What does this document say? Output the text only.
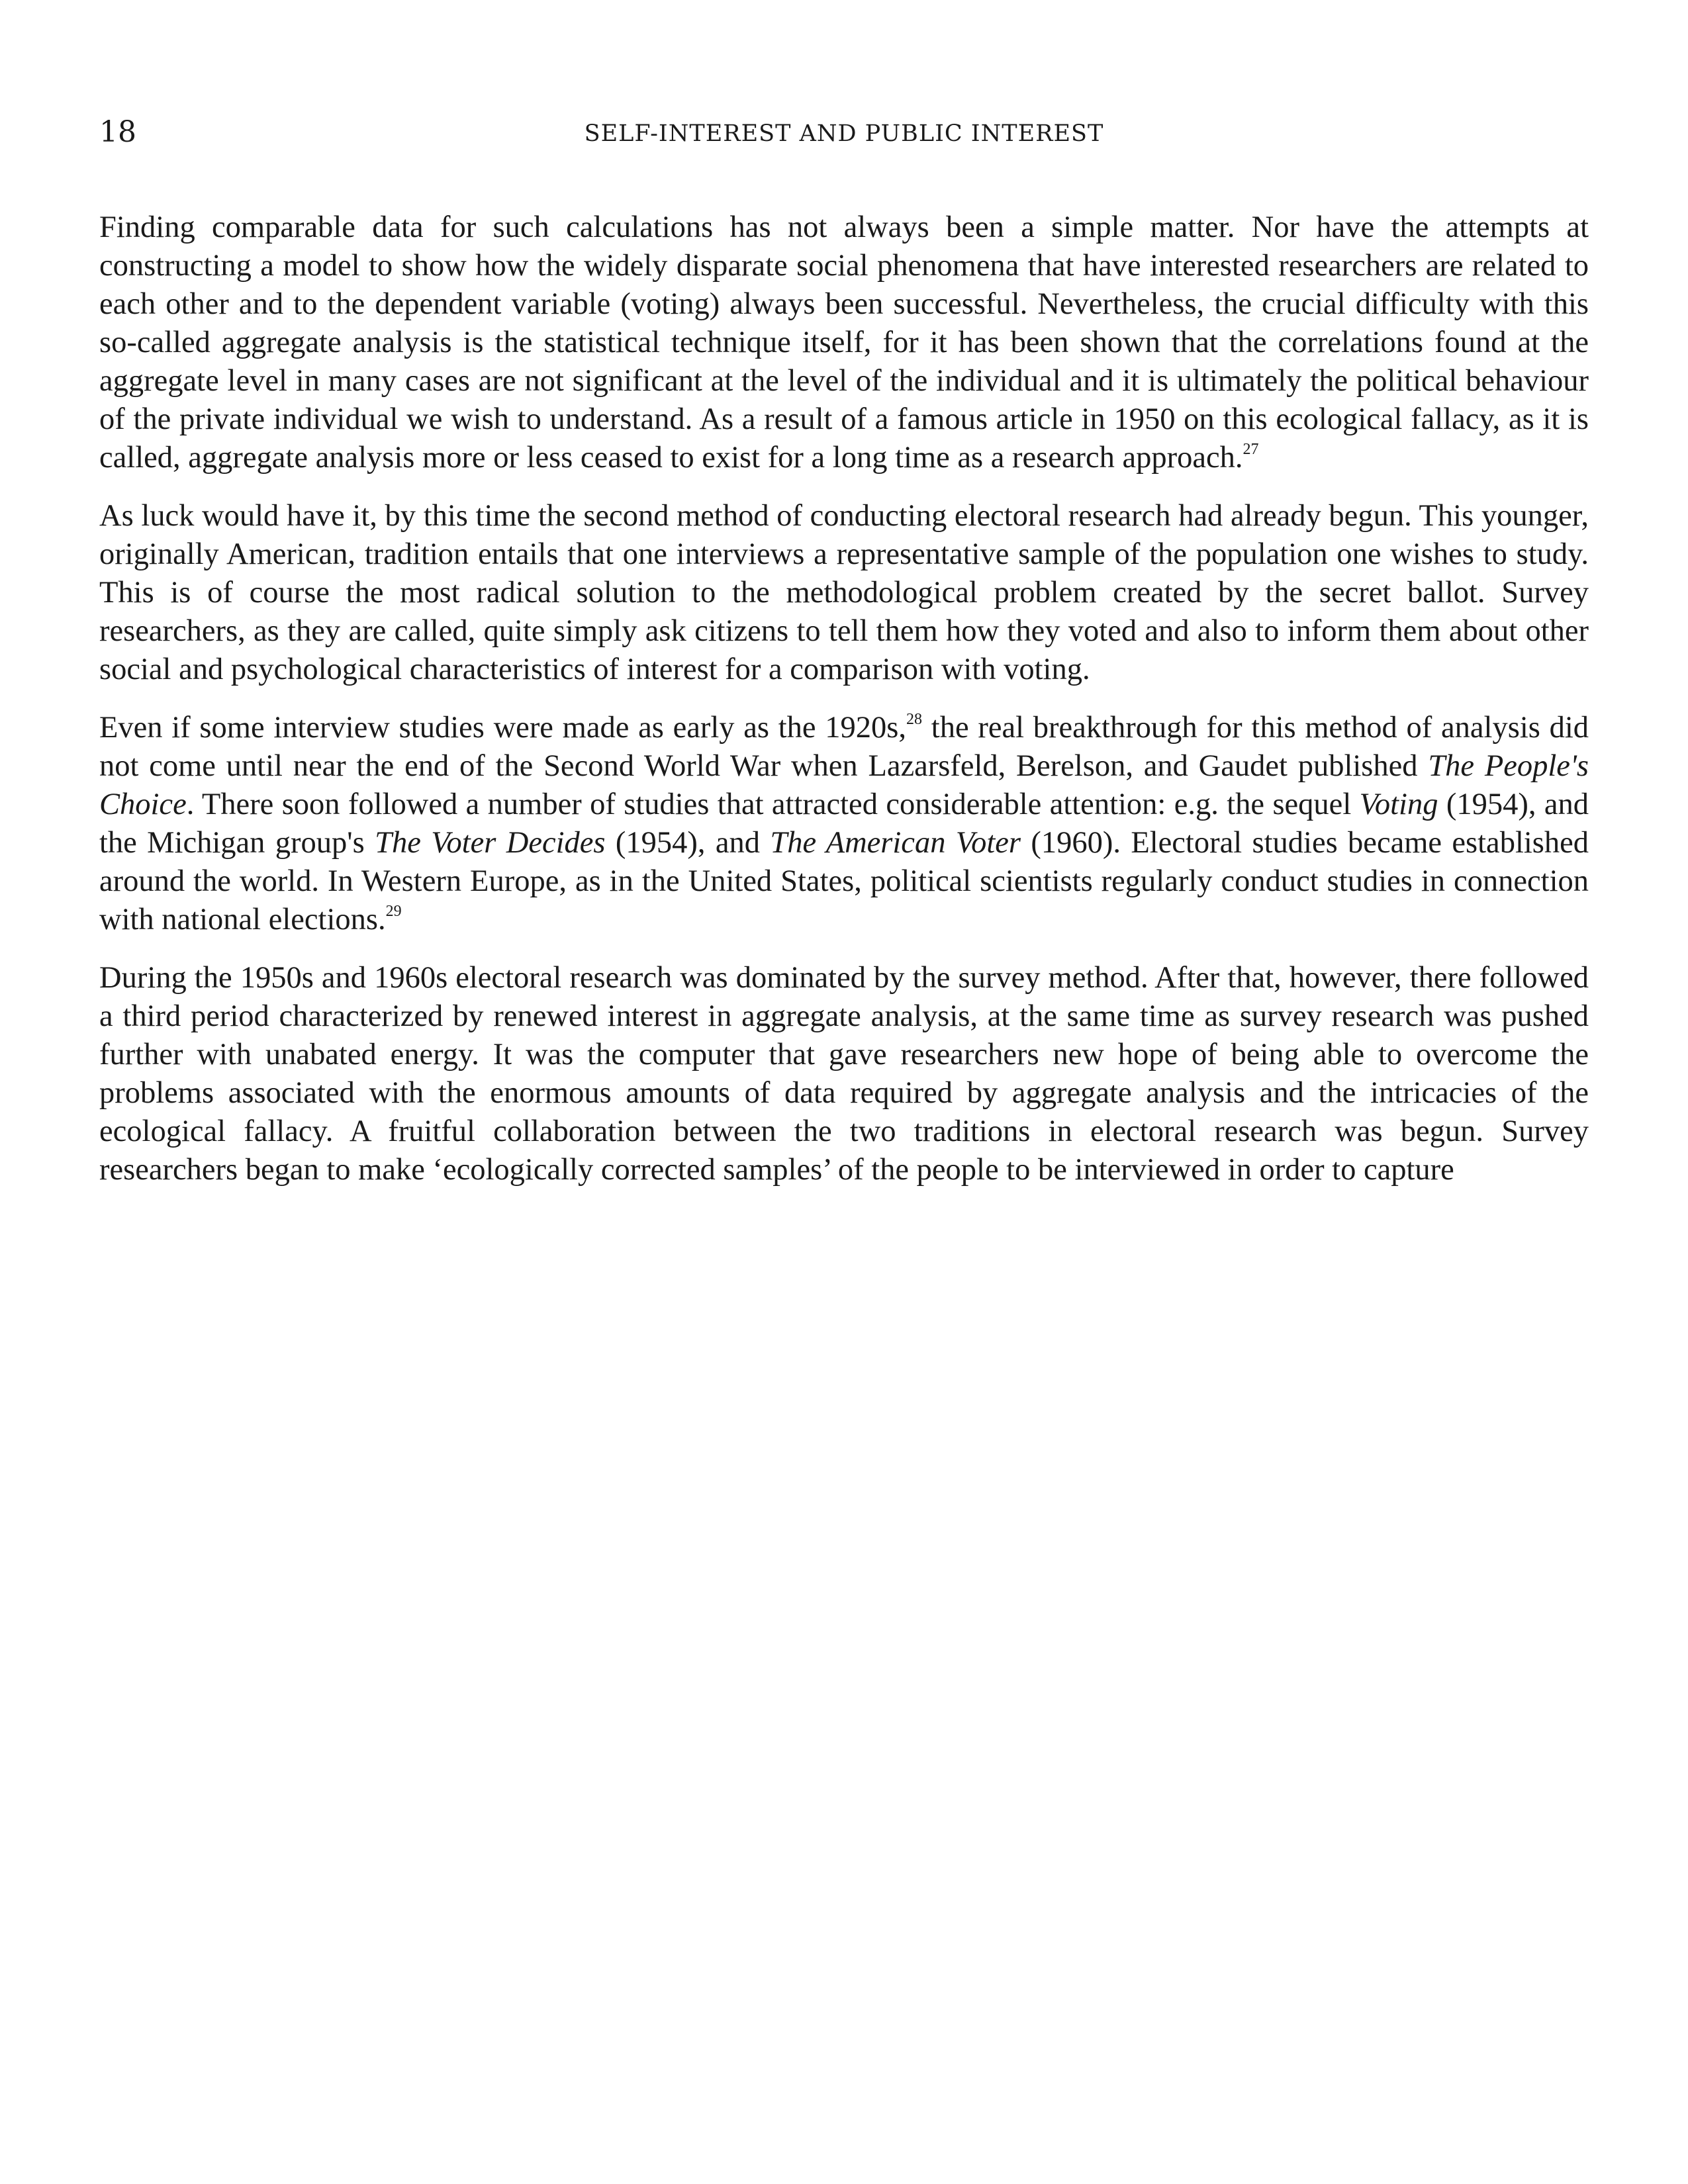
18	SELF-INTEREST AND PUBLIC INTEREST

Finding comparable data for such calculations has not always been a simple matter. Nor have the attempts at constructing a model to show how the widely disparate social phenomena that have interested researchers are related to each other and to the dependent variable (voting) always been successful. Nevertheless, the crucial difficulty with this so-called aggregate analysis is the statistical technique itself, for it has been shown that the correlations found at the aggregate level in many cases are not significant at the level of the individual and it is ultimately the political behaviour of the private individual we wish to understand. As a result of a famous article in 1950 on this ecological fallacy, as it is called, aggregate analysis more or less ceased to exist for a long time as a research approach.$^{27}$

As luck would have it, by this time the second method of conducting electoral research had already begun. This younger, originally American, tradition entails that one interviews a representative sample of the population one wishes to study. This is of course the most radical solution to the methodological problem created by the secret ballot. Survey researchers, as they are called, quite simply ask citizens to tell them how they voted and also to inform them about other social and psychological characteristics of interest for a comparison with voting.

Even if some interview studies were made as early as the 1920s,$^{28}$ the real breakthrough for this method of analysis did not come until near the end of the Second World War when Lazarsfeld, Berelson, and Gaudet published The People's Choice. There soon followed a number of studies that attracted considerable attention: e.g. the sequel Voting (1954), and the Michigan group's The Voter Decides (1954), and The American Voter (1960). Electoral studies became established around the world. In Western Europe, as in the United States, political scientists regularly conduct studies in connection with national elections.$^{29}$

During the 1950s and 1960s electoral research was dominated by the survey method. After that, however, there followed a third period characterized by renewed interest in aggregate analysis, at the same time as survey research was pushed further with unabated energy. It was the computer that gave researchers new hope of being able to overcome the problems associated with the enormous amounts of data required by aggregate analysis and the intricacies of the ecological fallacy. A fruitful collaboration between the two traditions in electoral research was begun. Survey researchers began to make ‘ecologically corrected samples’ of the people to be interviewed in order to capture
